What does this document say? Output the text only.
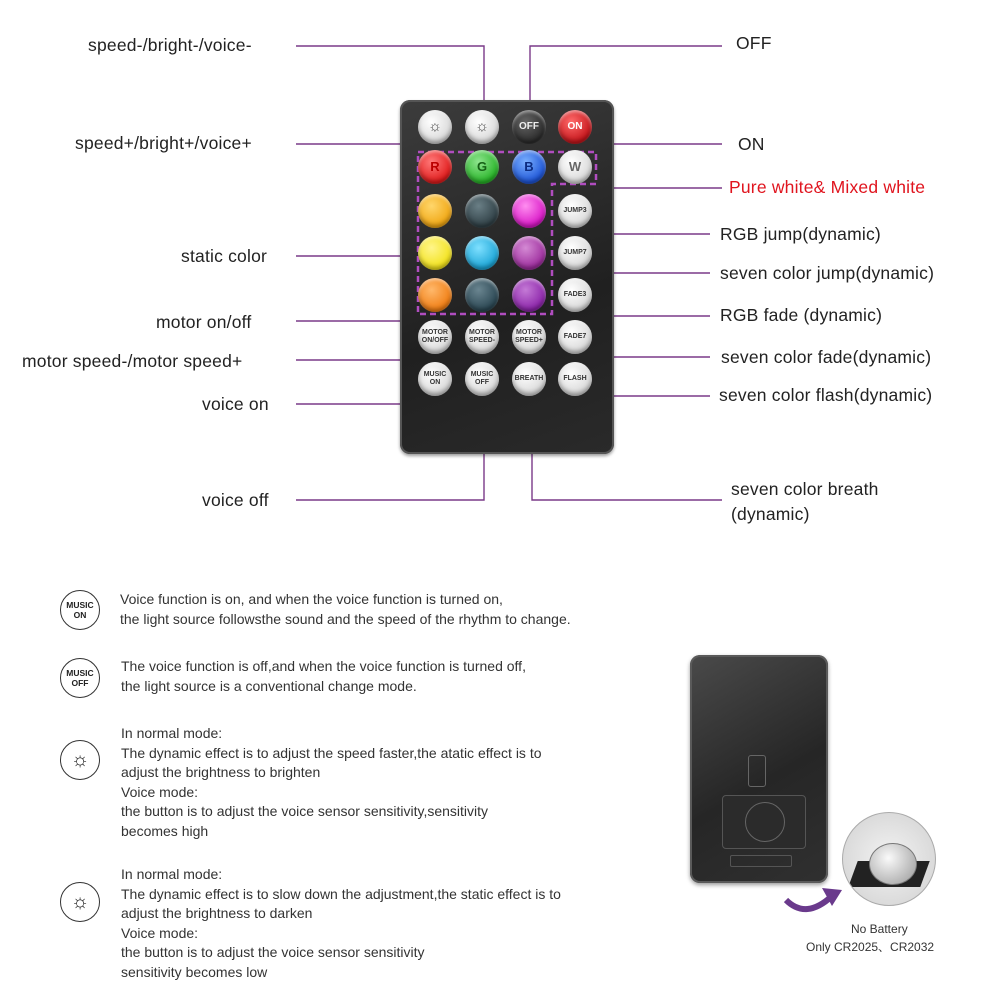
speed-/bright-/voice-
speed+/bright+/voice+
static color
motor on/off
motor speed-/motor speed+
voice on
voice off
OFF
ON
Pure white& Mixed white
RGB jump(dynamic)
seven color jump(dynamic)
RGB fade (dynamic)
seven color fade(dynamic)
seven color flash(dynamic)
seven color breath
(dynamic)
☼ ☼	OFF	ON
R	G	B	W
JUMP3
JUMP7
FADE3
MOTOR
ON/OFF
MOTOR
SPEED-
MOTOR
SPEED+
FADE7
MUSIC
ON
MUSIC
OFF
BREATH	FLASH
MUSIC
ON
Voice function is on, and when the voice function is turned on,
the light source followsthe sound and the speed of the rhythm to change.
MUSIC
OFF
The voice function is off,and when the voice function is turned off,
the light source is a conventional change mode.
☼
In normal mode:
The dynamic effect is to adjust the speed faster,the atatic effect is to
adjust the brightness to brighten
Voice mode:
the button is to adjust the voice sensor sensitivity,sensitivity
becomes high
☼
In normal mode:
The dynamic effect is to slow down the adjustment,the static effect is to
adjust the brightness to darken
Voice mode:
the button is to adjust the voice sensor sensitivity
sensitivity becomes low
No Battery
Only CR2025、CR2032
